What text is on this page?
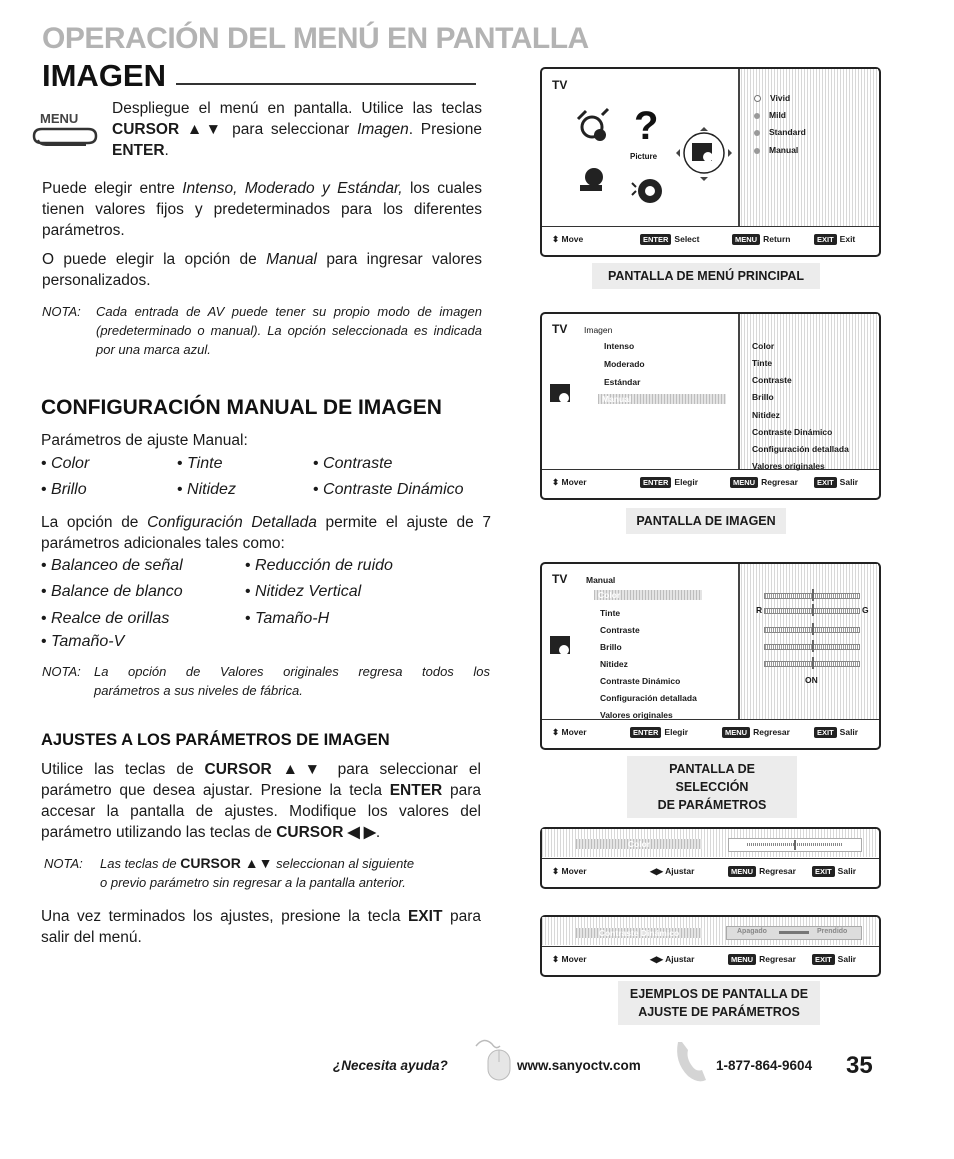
OPERACIÓN DEL MENÚ EN PANTALLA
IMAGEN
MENU
Despliegue el menú en pantalla. Utilice las teclas CURSOR ▲▼ para seleccionar Imagen. Presione ENTER.
Puede elegir entre Intenso, Moderado y Estándar, los cuales tienen valores fijos y predeterminados para los diferentes parámetros.
O puede elegir la opción de Manual para ingresar valores personalizados.
NOTA:	Cada entrada de AV puede tener su propio modo de imagen (predeterminado o manual). La opción seleccionada es indicada por una marca azul.
CONFIGURACIÓN MANUAL DE IMAGEN
Parámetros de ajuste Manual:
• Color	• Tinte	• Contraste
• Brillo	• Nitidez	• Contraste Dinámico
La opción de Configuración Detallada permite el ajuste de 7 parámetros adicionales tales como:
• Balanceo de señal	• Reducción de ruido
• Balance de blanco	• Nitidez Vertical
• Realce de orillas	• Tamaño-H
• Tamaño-V
NOTA:	La opción de Valores originales regresa todos los
parámetros a sus niveles de fábrica.
AJUSTES A LOS PARÁMETROS DE IMAGEN
Utilice las teclas de CURSOR ▲▼ para seleccionar el parámetro que desea ajustar. Presione la tecla ENTER para accesar la pantalla de ajustes. Modifique los valores del parámetro utilizando las teclas de CURSOR ◀ ▶.
NOTA:	Las teclas de CURSOR ▲▼ seleccionan al siguiente
o previo parámetro sin regresar a la pantalla anterior.
Una vez terminados los ajustes, presione la tecla EXIT para salir del menú.
TV
?
Picture
Vivid
Mild
Standard
Manual
⬍ Move	ENTER Select	MENU Return	EXIT Exit
PANTALLA DE MENÚ PRINCIPAL
TV Imagen
Intenso
Moderado
Estándar
Manual
Color
Tinte
Contraste
Brillo
Nitidez
Contraste Dinámico
Configuración detallada
Valores originales
⬍ Mover	ENTER Elegir	MENU Regresar	EXIT Salir
PANTALLA DE IMAGEN
TV Manual
Color
Tinte
Contraste
Brillo
Nitidez
Contraste Dinámico
Configuración detallada
Valores originales
R	G
ON
⬍ Mover	ENTER Elegir	MENU Regresar	EXIT Salir
PANTALLA DE SELECCIÓN
DE PARÁMETROS
Color
⬍ Mover	◀▶ Ajustar	MENU Regresar	EXIT Salir
Contraste Dinámico	Apagado	Prendido
⬍ Mover	◀▶ Ajustar	MENU Regresar	EXIT Salir
EJEMPLOS DE PANTALLA DE
AJUSTE DE PARÁMETROS
¿Necesita ayuda?	www.sanyoctv.com	1-877-864-9604 35
